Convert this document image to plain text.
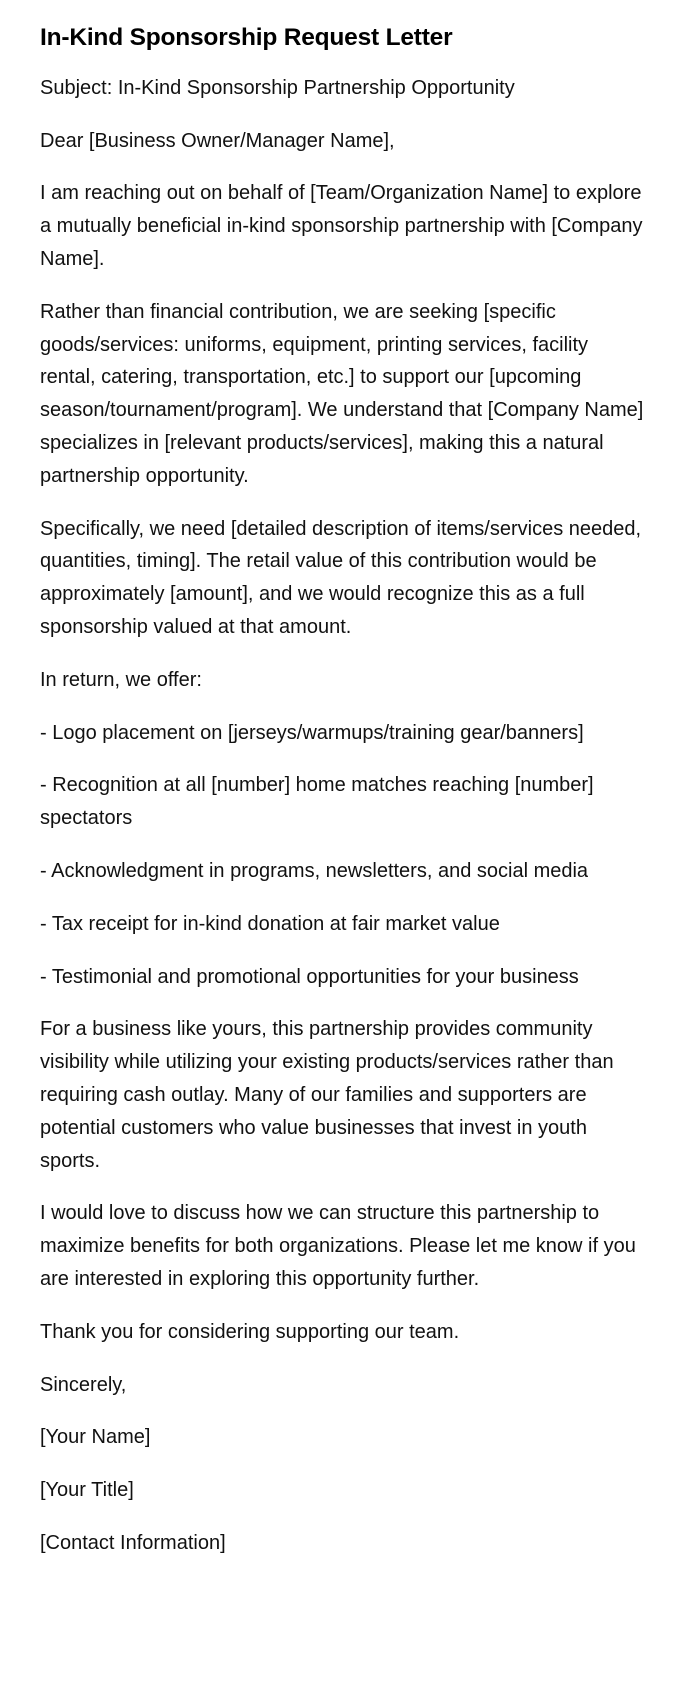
In-Kind Sponsorship Request Letter

Subject: In-Kind Sponsorship Partnership Opportunity

Dear [Business Owner/Manager Name],

I am reaching out on behalf of [Team/Organization Name] to explore a mutually beneficial in-kind sponsorship partnership with [Company Name].

Rather than financial contribution, we are seeking [specific goods/services: uniforms, equipment, printing services, facility rental, catering, transportation, etc.] to support our [upcoming season/tournament/program]. We understand that [Company Name] specializes in [relevant products/services], making this a natural partnership opportunity.

Specifically, we need [detailed description of items/services needed, quantities, timing]. The retail value of this contribution would be approximately [amount], and we would recognize this as a full sponsorship valued at that amount.

In return, we offer:

- Logo placement on [jerseys/warmups/training gear/banners]

- Recognition at all [number] home matches reaching [number] spectators

- Acknowledgment in programs, newsletters, and social media

- Tax receipt for in-kind donation at fair market value

- Testimonial and promotional opportunities for your business

For a business like yours, this partnership provides community visibility while utilizing your existing products/services rather than requiring cash outlay. Many of our families and supporters are potential customers who value businesses that invest in youth sports.

I would love to discuss how we can structure this partnership to maximize benefits for both organizations. Please let me know if you are interested in exploring this opportunity further.

Thank you for considering supporting our team.

Sincerely,

[Your Name]

[Your Title]

[Contact Information]
